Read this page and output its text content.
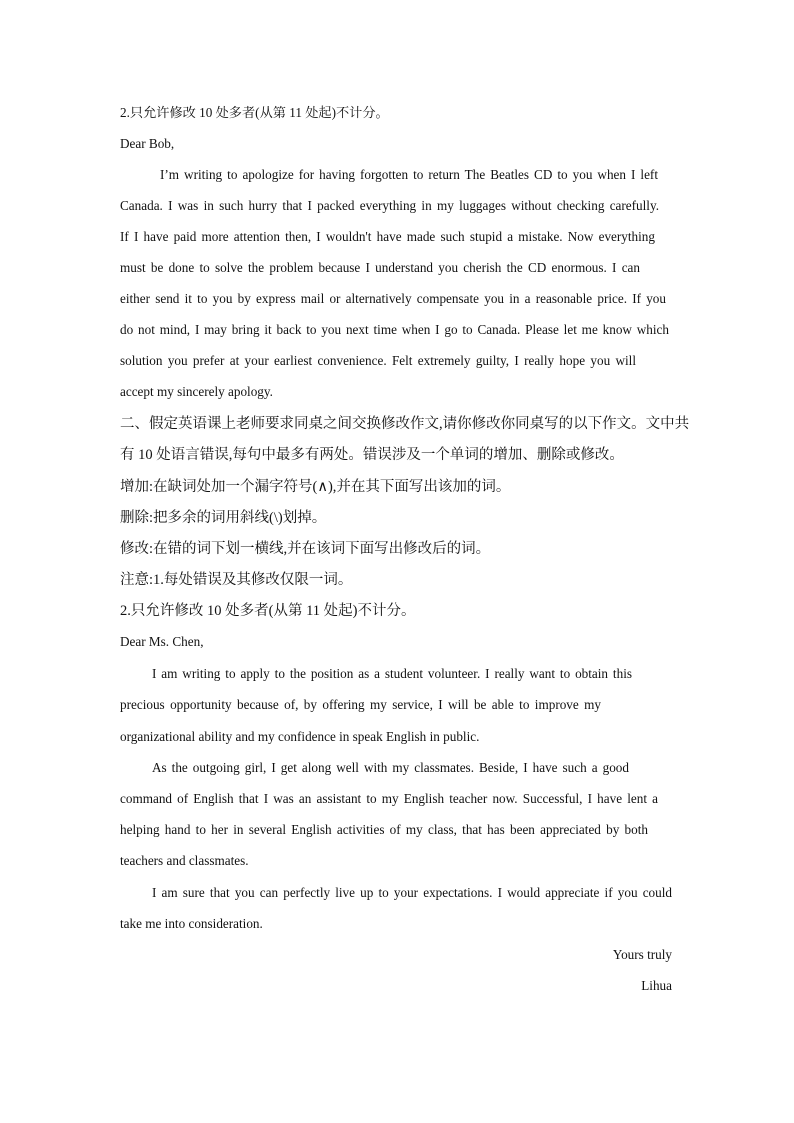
2.只允许修改 10 处多者(从第 11 处起)不计分。
Dear Bob,
I’m writing to apologize for having forgotten to return The Beatles CD to you when I left
Canada. I was in such hurry that I packed everything in my luggages without checking carefully.
If I have paid more attention then, I wouldn't have made such stupid a mistake. Now everything
must be done to solve the problem because I understand you cherish the CD enormous. I can
either send it to you by express mail or alternatively compensate you in a reasonable price. If you
do not mind, I may bring it back to you next time when I go to Canada. Please let me know which
solution you prefer at your earliest convenience. Felt extremely guilty, I really hope you will
accept my sincerely apology.
二、假定英语课上老师要求同桌之间交换修改作文,请你修改你同桌写的以下作文。文中共
有 10 处语言错误,每句中最多有两处。错误涉及一个单词的增加、删除或修改。
增加:在缺词处加一个漏字符号(∧),并在其下面写出该加的词。
删除:把多余的词用斜线(\)划掉。
修改:在错的词下划一横线,并在该词下面写出修改后的词。
注意:1.每处错误及其修改仅限一词。
2.只允许修改 10 处多者(从第 11 处起)不计分。
Dear Ms. Chen,
I am writing to apply to the position as a student volunteer. I really want to obtain this
precious opportunity because of, by offering my service, I will be able to improve my
organizational ability and my confidence in speak English in public.
As the outgoing girl, I get along well with my classmates. Beside, I have such a good
command of English that I was an assistant to my English teacher now. Successful, I have lent a
helping hand to her in several English activities of my class, that has been appreciated by both
teachers and classmates.
I am sure that you can perfectly live up to your expectations. I would appreciate if you could
take me into consideration.
Yours truly
Lihua
